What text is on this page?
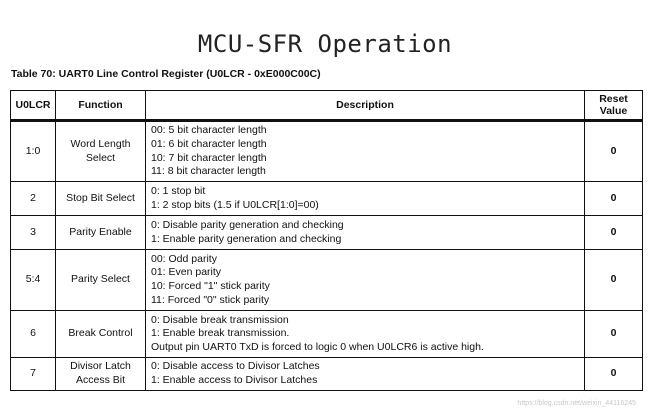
MCU-SFR Operation
Table 70: UART0 Line Control Register (U0LCR - 0xE000C00C)
U0LCR	Function	Description	Reset
Value

1:0	Word Length Select	00: 5 bit character length
01: 6 bit character length
10: 7 bit character length
11: 8 bit character length	0
2	Stop Bit Select	0: 1 stop bit
1: 2 stop bits (1.5 if U0LCR[1:0]=00)	0
3	Parity Enable	0: Disable parity generation and checking
1: Enable parity generation and checking	0
5:4	Parity Select	00: Odd parity
01: Even parity
10: Forced "1" stick parity
11: Forced "0" stick parity	0
6	Break Control	0: Disable break transmission
1: Enable break transmission.
Output pin UART0 TxD is forced to logic 0 when U0LCR6 is active high.	0
7	Divisor Latch Access Bit	0: Disable access to Divisor Latches
1: Enable access to Divisor Latches	0
https://blog.csdn.net/weixin_44116245
